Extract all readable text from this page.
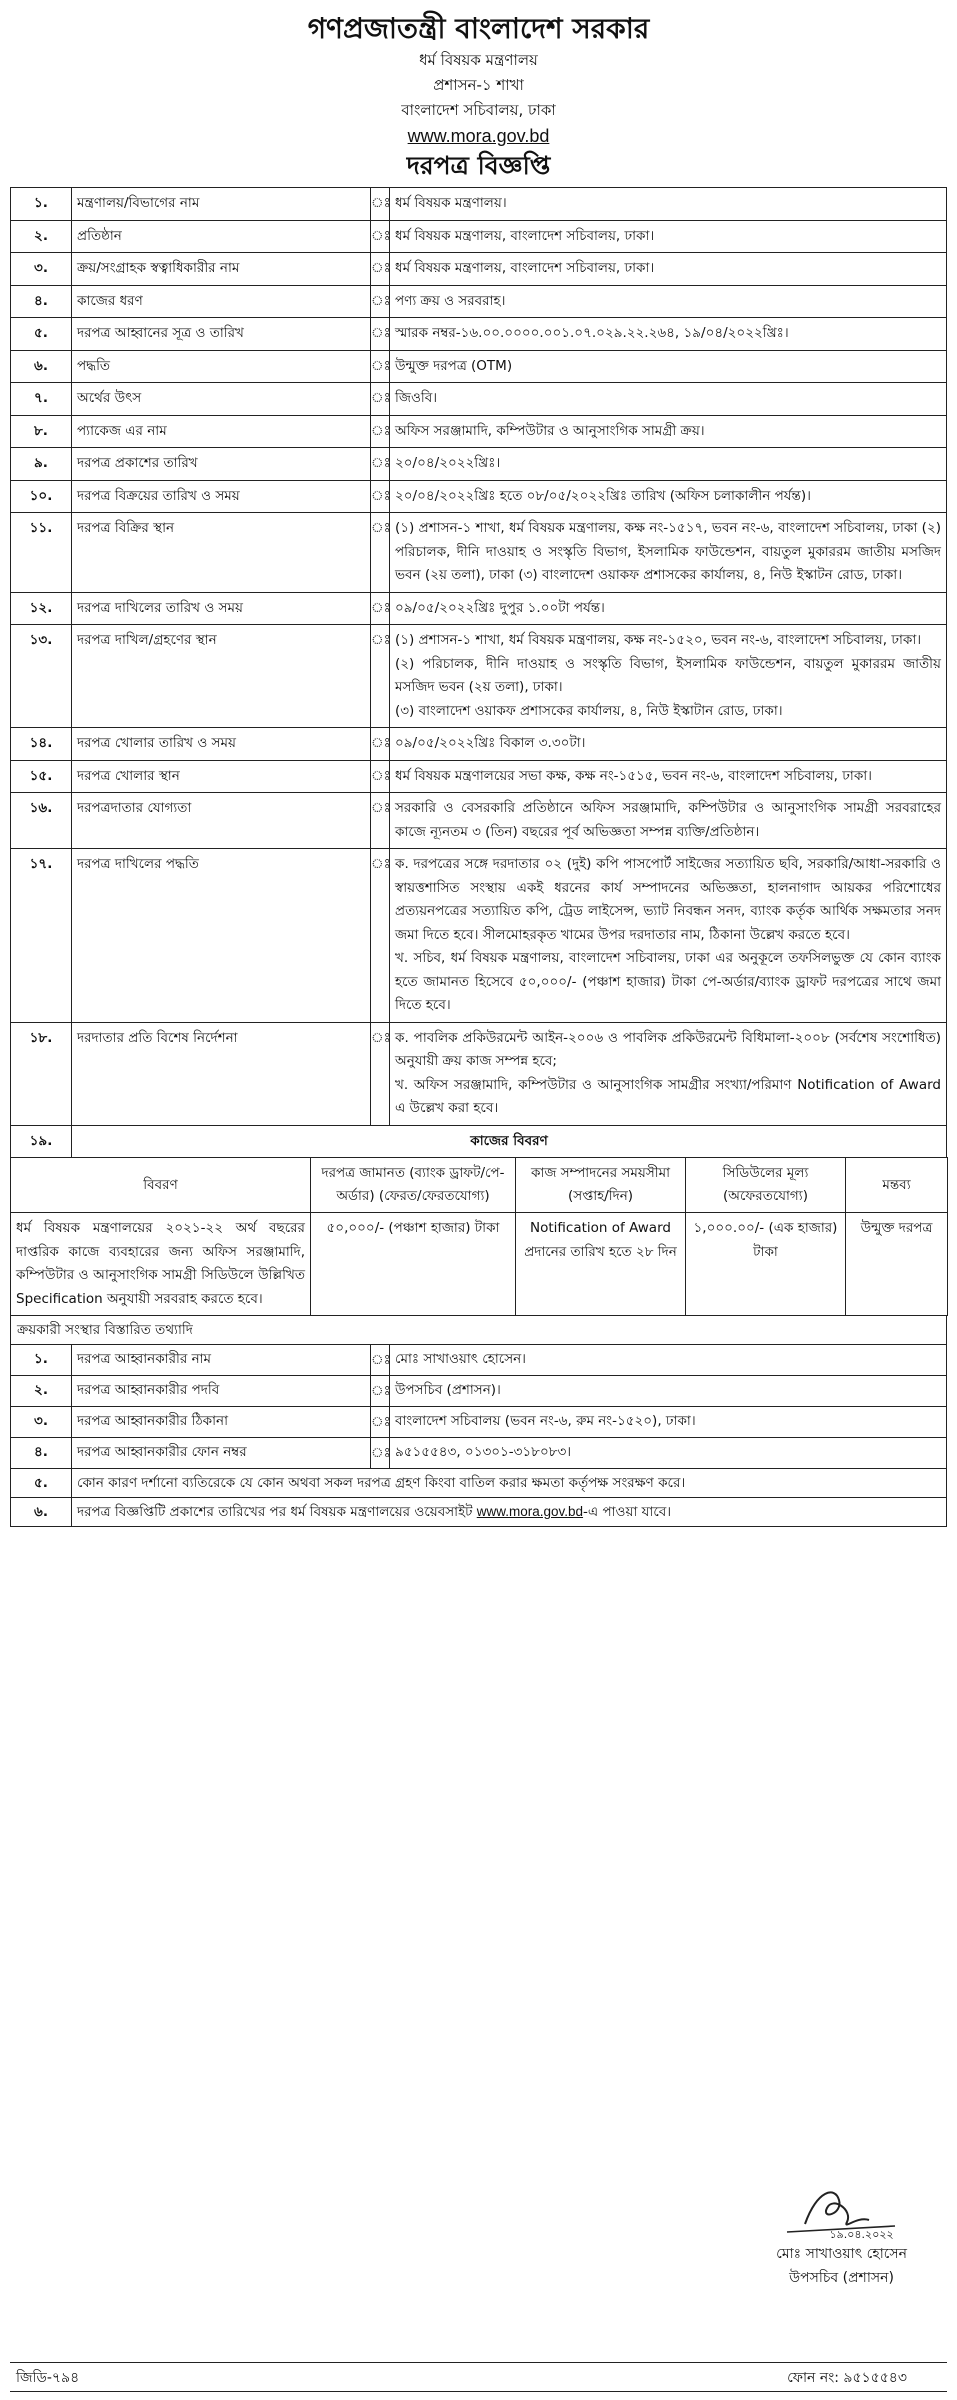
গণপ্রজাতন্ত্রী বাংলাদেশ সরকার
ধর্ম বিষয়ক মন্ত্রণালয়
প্রশাসন-১ শাখা
বাংলাদেশ সচিবালয়, ঢাকা
www.mora.gov.bd
দরপত্র বিজ্ঞপ্তি
১.	মন্ত্রণালয়/বিভাগের নাম	ঃ	ধর্ম বিষয়ক মন্ত্রণালয়।
২.	প্রতিষ্ঠান	ঃ	ধর্ম বিষয়ক মন্ত্রণালয়, বাংলাদেশ সচিবালয়, ঢাকা।
৩.	ক্রয়/সংগ্রাহক স্বত্বাধিকারীর নাম	ঃ	ধর্ম বিষয়ক মন্ত্রণালয়, বাংলাদেশ সচিবালয়, ঢাকা।
৪.	কাজের ধরণ	ঃ	পণ্য ক্রয় ও সরবরাহ।
৫.	দরপত্র আহ্বানের সূত্র ও তারিখ	ঃ	স্মারক নম্বর-১৬.০০.০০০০.০০১.০৭.০২৯.২২.২৬৪, ১৯/০৪/২০২২খ্রিঃ।
৬.	পদ্ধতি	ঃ	উন্মুক্ত দরপত্র (OTM)
৭.	অর্থের উৎস	ঃ	জিওবি।
৮.	প্যাকেজ এর নাম	ঃ	অফিস সরঞ্জামাদি, কম্পিউটার ও আনুসাংগিক সামগ্রী ক্রয়।
৯.	দরপত্র প্রকাশের তারিখ	ঃ	২০/০৪/২০২২খ্রিঃ।
১০.	দরপত্র বিক্রয়ের তারিখ ও সময়	ঃ	২০/০৪/২০২২খ্রিঃ হতে ০৮/০৫/২০২২খ্রিঃ তারিখ (অফিস চলাকালীন পর্যন্ত)।
১১.	দরপত্র বিক্রির স্থান	ঃ	(১) প্রশাসন-১ শাখা, ধর্ম বিষয়ক মন্ত্রণালয়, কক্ষ নং-১৫১৭, ভবন নং-৬, বাংলাদেশ সচিবালয়, ঢাকা (২) পরিচালক, দীনি দাওয়াহ ও সংস্কৃতি বিভাগ, ইসলামিক ফাউন্ডেশন, বায়তুল মুকাররম জাতীয় মসজিদ ভবন (২য় তলা), ঢাকা (৩) বাংলাদেশ ওয়াকফ প্রশাসকের কার্যালয়, ৪, নিউ ইস্কাটন রোড, ঢাকা।
১২.	দরপত্র দাখিলের তারিখ ও সময়	ঃ	০৯/০৫/২০২২খ্রিঃ দুপুর ১.০০টা পর্যন্ত।
১৩.	দরপত্র দাখিল/গ্রহণের স্থান	ঃ	(১) প্রশাসন-১ শাখা, ধর্ম বিষয়ক মন্ত্রণালয়, কক্ষ নং-১৫২০, ভবন নং-৬, বাংলাদেশ সচিবালয়, ঢাকা।
(২) পরিচালক, দীনি দাওয়াহ ও সংস্কৃতি বিভাগ, ইসলামিক ফাউন্ডেশন, বায়তুল মুকাররম জাতীয় মসজিদ ভবন (২য় তলা), ঢাকা।
(৩) বাংলাদেশ ওয়াকফ প্রশাসকের কার্যালয়, ৪, নিউ ইস্কাটান রোড, ঢাকা।

১৪.	দরপত্র খোলার তারিখ ও সময়	ঃ	০৯/০৫/২০২২খ্রিঃ বিকাল ৩.৩০টা।
১৫.	দরপত্র খোলার স্থান	ঃ	ধর্ম বিষয়ক মন্ত্রণালয়ের সভা কক্ষ, কক্ষ নং-১৫১৫, ভবন নং-৬, বাংলাদেশ সচিবালয়, ঢাকা।
১৬.	দরপত্রদাতার যোগ্যতা	ঃ	সরকারি ও বেসরকারি প্রতিষ্ঠানে অফিস সরঞ্জামাদি, কম্পিউটার ও আনুসাংগিক সামগ্রী সরবরাহের কাজে ন্যূনতম ৩ (তিন) বছরের পূর্ব অভিজ্ঞতা সম্পন্ন ব্যক্তি/প্রতিষ্ঠান।
১৭.	দরপত্র দাখিলের পদ্ধতি	ঃ	ক. দরপত্রের সঙ্গে দরদাতার ০২ (দুই) কপি পাসপোর্ট সাইজের সত্যায়িত ছবি, সরকারি/আধা-সরকারি ও স্বায়ত্তশাসিত সংস্থায় একই ধরনের কার্য সম্পাদনের অভিজ্ঞতা, হালনাগাদ আয়কর পরিশোধের প্রত্যয়নপত্রের সত্যায়িত কপি, ট্রেড লাইসেন্স, ভ্যাট নিবন্ধন সনদ, ব্যাংক কর্তৃক আর্থিক সক্ষমতার সনদ জমা দিতে হবে। সীলমোহরকৃত খামের উপর দরদাতার নাম, ঠিকানা উল্লেখ করতে হবে।
খ. সচিব, ধর্ম বিষয়ক মন্ত্রণালয়, বাংলাদেশ সচিবালয়, ঢাকা এর অনুকূলে তফসিলভুক্ত যে কোন ব্যাংক হতে জামানত হিসেবে ৫০,০০০/- (পঞ্চাশ হাজার) টাকা পে-অর্ডার/ব্যাংক ড্রাফট দরপত্রের সাথে জমা দিতে হবে।

১৮.	দরদাতার প্রতি বিশেষ নির্দেশনা	ঃ	ক. পাবলিক প্রকিউরমেন্ট আইন-২০০৬ ও পাবলিক প্রকিউরমেন্ট বিধিমালা-২০০৮ (সর্বশেষ সংশোধিত) অনুযায়ী ক্রয় কাজ সম্পন্ন হবে;
খ. অফিস সরঞ্জামাদি, কম্পিউটার ও আনুসাংগিক সামগ্রীর সংখ্যা/পরিমাণ Notification of Award এ উল্লেখ করা হবে।

১৯.	কাজের বিবরণ		
বিবরণ	দরপত্র জামানত (ব্যাংক ড্রাফট/পে-অর্ডার) (ফেরত/ফেরতযোগ্য)	কাজ সম্পাদনের সময়সীমা (সপ্তাহ/দিন)	সিডিউলের মূল্য (অফেরতযোগ্য)	মন্তব্য
ধর্ম বিষয়ক মন্ত্রণালয়ের ২০২১-২২ অর্থ বছরের দাপ্তরিক কাজে ব্যবহারের জন্য অফিস সরঞ্জামাদি, কম্পিউটার ও আনুসাংগিক সামগ্রী সিডিউলে উল্লিখিত Specification অনুযায়ী সরবরাহ করতে হবে।	৫০,০০০/- (পঞ্চাশ হাজার) টাকা	Notification of Award প্রদানের তারিখ হতে ২৮ দিন	১,০০০.০০/- (এক হাজার) টাকা	উন্মুক্ত দরপত্র
ক্রয়কারী সংস্থার বিস্তারিত তথ্যাদি
১.	দরপত্র আহ্বানকারীর নাম	ঃ	মোঃ সাখাওয়াৎ হোসেন।
২.	দরপত্র আহ্বানকারীর পদবি	ঃ	উপসচিব (প্রশাসন)।
৩.	দরপত্র আহ্বানকারীর ঠিকানা	ঃ	বাংলাদেশ সচিবালয় (ভবন নং-৬, রুম নং-১৫২০), ঢাকা।
৪.	দরপত্র আহ্বানকারীর ফোন নম্বর	ঃ	৯৫১৫৫৪৩, ০১৩০১-৩১৮০৮৩।
৫.	কোন কারণ দর্শানো ব্যতিরেকে যে কোন অথবা সকল দরপত্র গ্রহণ কিংবা বাতিল করার ক্ষমতা কর্তৃপক্ষ সংরক্ষণ করে।		
৬.	দরপত্র বিজ্ঞপ্তিটি প্রকাশের তারিখের পর ধর্ম বিষয়ক মন্ত্রণালয়ের ওয়েবসাইট www.mora.gov.bd-এ পাওয়া যাবে।		
১৯.০৪.২০২২
মোঃ সাখাওয়াৎ হোসেন
উপসচিব (প্রশাসন)
জিডি-৭৯৪	ফোন নং: ৯৫১৫৫৪৩
